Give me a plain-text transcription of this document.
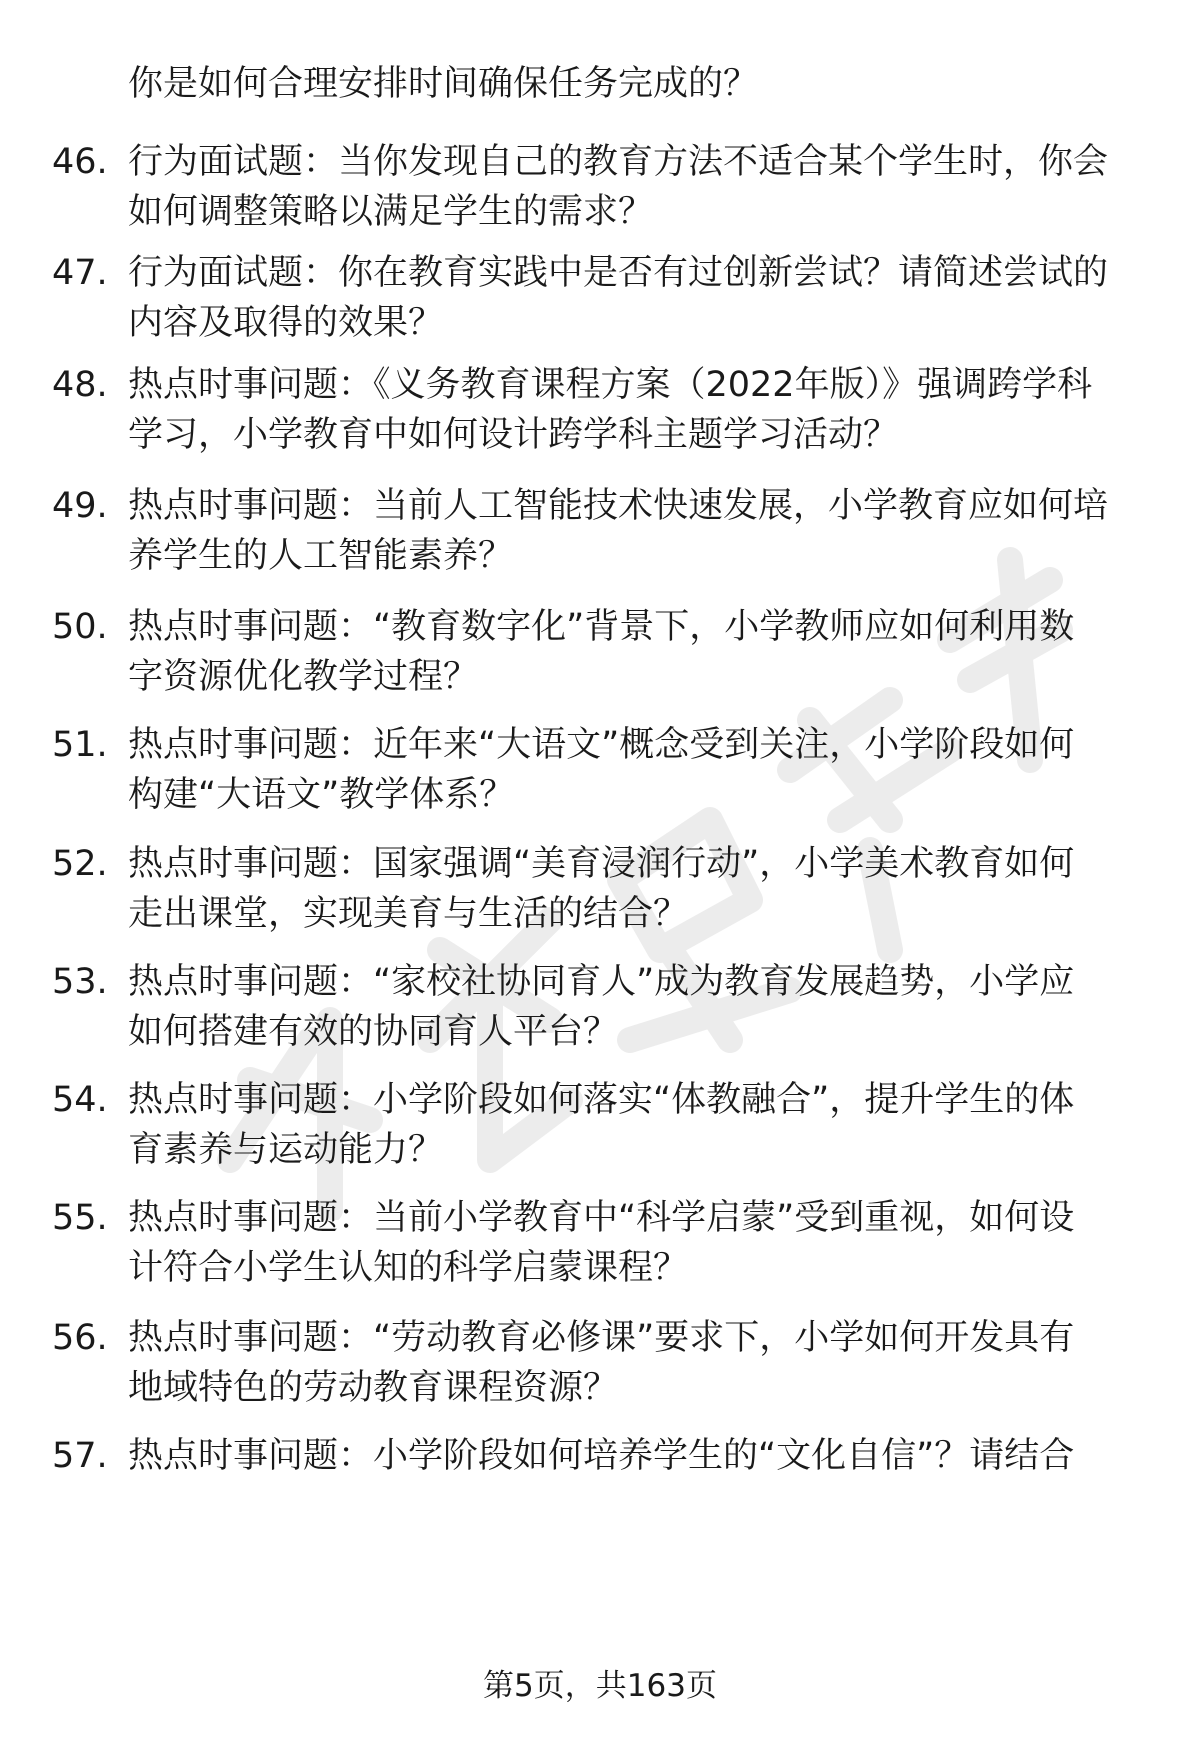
你是如何合理安排时间确保任务完成的？
46. 行为面试题：当你发现自己的教育方法不适合某个学生时，你会
如何调整策略以满足学生的需求？
47. 行为面试题：你在教育实践中是否有过创新尝试？请简述尝试的
内容及取得的效果？
48. 热点时事问题：《义务教育课程方案（2022年版）》强调跨学科
学习，小学教育中如何设计跨学科主题学习活动？
49. 热点时事问题：当前人工智能技术快速发展，小学教育应如何培
养学生的人工智能素养？
50. 热点时事问题：“教育数字化”背景下，小学教师应如何利用数
字资源优化教学过程？
51. 热点时事问题：近年来“大语文”概念受到关注，小学阶段如何
构建“大语文”教学体系？
52. 热点时事问题：国家强调“美育浸润行动”，小学美术教育如何
走出课堂，实现美育与生活的结合？
53. 热点时事问题：“家校社协同育人”成为教育发展趋势，小学应
如何搭建有效的协同育人平台？
54. 热点时事问题：小学阶段如何落实“体教融合”，提升学生的体
育素养与运动能力？
55. 热点时事问题：当前小学教育中“科学启蒙”受到重视，如何设
计符合小学生认知的科学启蒙课程？
56. 热点时事问题：“劳动教育必修课”要求下，小学如何开发具有
地域特色的劳动教育课程资源？
57. 热点时事问题：小学阶段如何培养学生的“文化自信”？请结合
第5页，共163页
